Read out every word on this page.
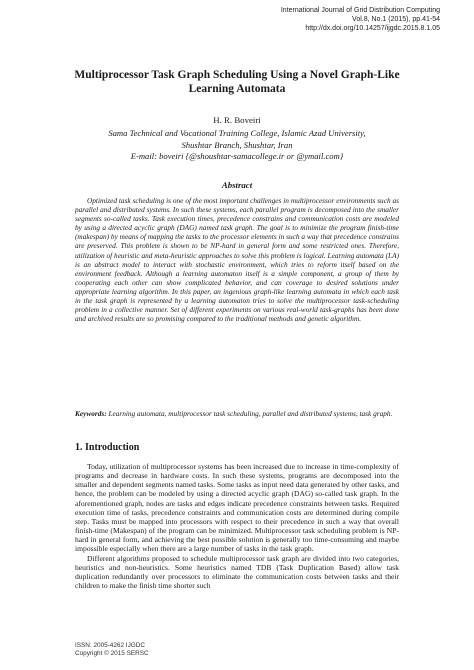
International Journal of Grid Distribution Computing
Vol.8, No.1 (2015), pp.41-54
http://dx.doi.org/10.14257/ijgdc.2015.8.1.05
Multiprocessor Task Graph Scheduling Using a Novel Graph-Like
Learning Automata
H. R. Boveiri
Sama Technical and Vocational Training College, Islamic Azad University,
Shushtar Branch, Shushtar, Iran
E-mail: boveiri {@shoushtar-samacollege.ir or @ymail.com}
Abstract

Optimized task scheduling is one of the most important challenges in multiprocessor environments such as parallel and distributed systems. In such these systems, each parallel program is decomposed into the smaller segments so-called tasks. Task execution times, precedence constrains and communication costs are modeled by using a directed acyclic graph (DAG) named task graph. The goal is to minimize the program finish-time (makespan) by means of mapping the tasks to the processor elements in such a way that precedence constrains are preserved. This problem is shown to be NP-hard in general form and some restricted ones. Therefore, utilization of heuristic and meta-heuristic approaches to solve this problem is logical. Learning automata (LA) is an abstract model to interact with stochastic environment, which tries to reform itself based on the environment feedback. Although a learning automaton itself is a simple component, a group of them by cooperating each other can show complicated behavior, and can coverage to desired solutions under appropriate learning algorithm. In this paper, an ingenious graph-like learning automata in which each task in the task graph is represented by a learning automaton tries to solve the multiprocessor task-scheduling problem in a collective manner. Set of different experiments on various real-world task-graphs has been done and archived results are so promising compared to the traditional methods and genetic algorithm.

Keywords: Learning automata, multiprocessor task scheduling, parallel and distributed systems, task graph.

1. Introduction

Today, utilization of multiprocessor systems has been increased due to increase in time-complexity of programs and decrease in hardware costs. In such these systems, programs are decomposed into the smaller and dependent segments named tasks. Some tasks as input need data generated by other tasks, and hence, the problem can be modeled by using a directed acyclic graph (DAG) so-called task graph. In the aforementioned graph, nodes are tasks and edges indicate precedence constraints between tasks. Required execution time of tasks, precedence constraints and communication costs are determined during compile step. Tasks must be mapped into processors with respect to their precedence in such a way that overall finish-time (Makespan) of the program can be minimized. Multiprocessor task scheduling problem is NP-hard in general form, and achieving the best possible solution is generally too time-consuming and maybe impossible especially when there are a large number of tasks in the task graph.

Different algorithms proposed to schedule multiprocessor task graph are divided into two categories, heuristics and non-heuristics. Some heuristics named TDB (Task Duplication Based) allow task duplication redundantly over processors to eliminate the communication costs between tasks and their children to make the finish time shorter such

ISSN: 2005-4262 IJGDC
Copyright © 2015 SERSC
